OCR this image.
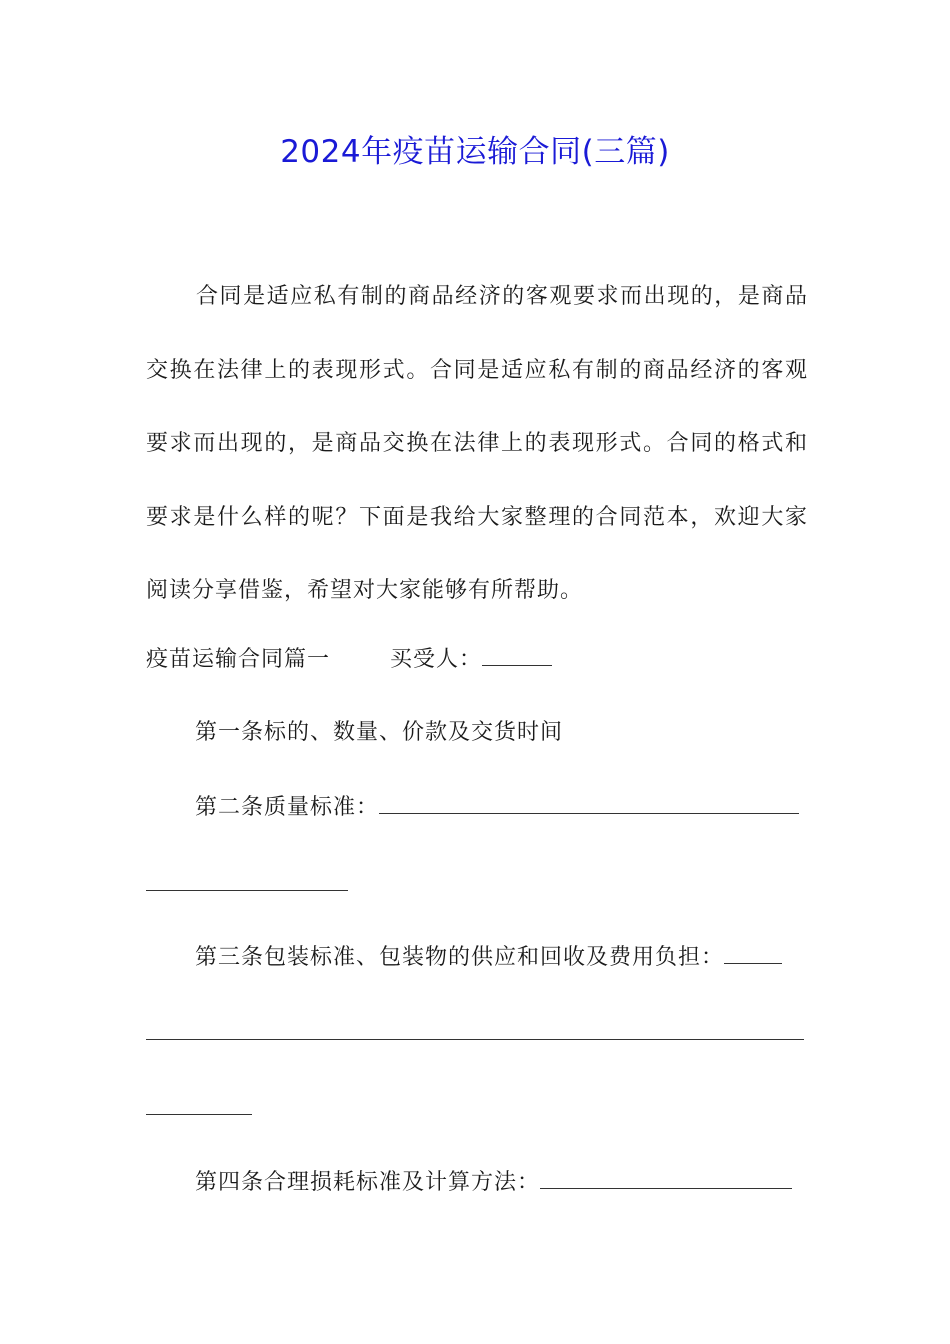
2024年疫苗运输合同(三篇)

合同是适应私有制的商品经济的客观要求而出现的，是商品交换在法律上的表现形式。合同是适应私有制的商品经济的客观要求而出现的，是商品交换在法律上的表现形式。合同的格式和要求是什么样的呢？下面是我给大家整理的合同范本，欢迎大家阅读分享借鉴，希望对大家能够有所帮助。

疫苗运输合同篇一	买受人：
第一条标的、数量、价款及交货时间
第二条质量标准：
第三条包装标准、包装物的供应和回收及费用负担：
第四条合理损耗标准及计算方法：
